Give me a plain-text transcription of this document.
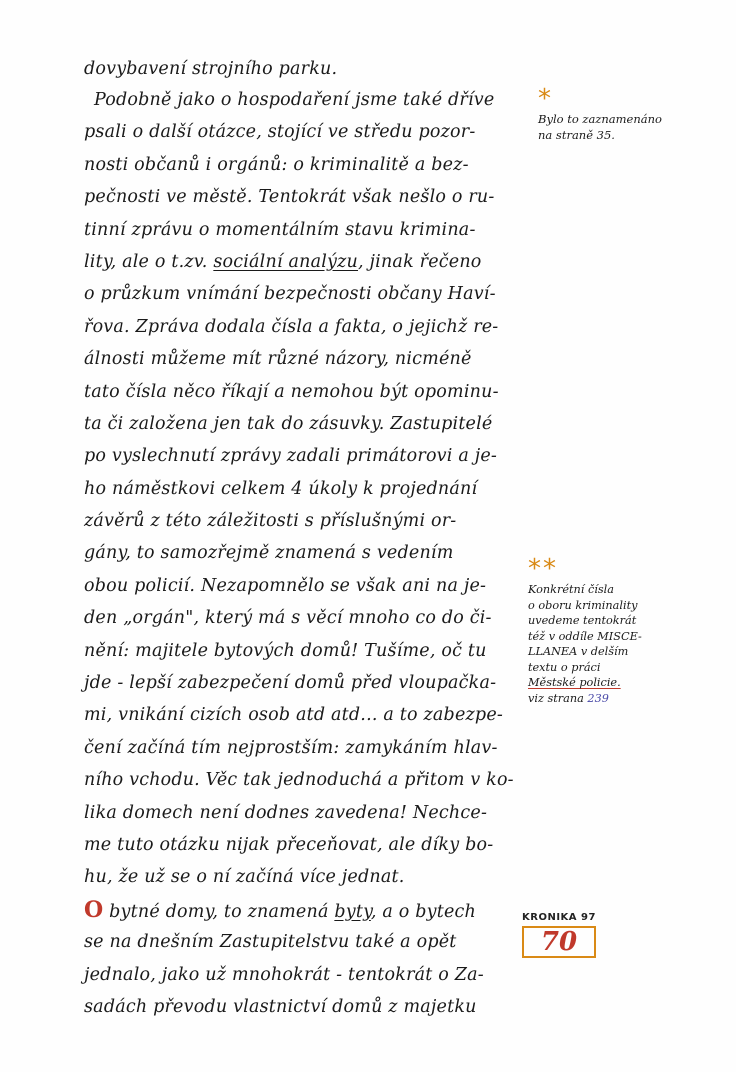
dovybavení strojního parku.
Podobně jako o hospodaření jsme také dříve
psali o další otázce, stojící ve středu pozor-
nosti občanů i orgánů: o kriminalitě a bez-
pečnosti ve městě. Tentokrát však nešlo o ru-
tinní zprávu o momentálním stavu krimina-
lity, ale o t.zv. sociální analýzu, jinak řečeno
o průzkum vnímání bezpečnosti občany Haví-
řova. Zpráva dodala čísla a fakta, o jejichž re-
álnosti můžeme mít různé názory, nicméně
tato čísla něco říkají a nemohou být opominu-
ta či založena jen tak do zásuvky. Zastupitelé
po vyslechnutí zprávy zadali primátorovi a je-
ho náměstkovi celkem 4 úkoly k projednání
závěrů z této záležitosti s příslušnými or-
gány, to samozřejmě znamená s vedením
obou policií. Nezapomnělo se však ani na je-
den „orgán", který má s věcí mnoho co do či-
nění: majitele bytových domů! Tušíme, oč tu
jde - lepší zabezpečení domů před vloupačka-
mi, vnikání cizích osob atd atd... a to zabezpe-
čení začíná tím nejprostším: zamykáním hlav-
ního vchodu. Věc tak jednoduchá a přitom v ko-
lika domech není dodnes zavedena! Nechce-
me tuto otázku nijak přeceňovat, ale díky bo-
hu, že už se o ní začíná více jednat.
O bytné domy, to znamená byty, a o bytech
se na dnešním Zastupitelstvu také a opět
jednalo, jako už mnohokrát - tentokrát o Za-
sadách převodu vlastnictví domů z majetku
*
Bylo to zaznamenáno
na straně 35.
**
Konkrétní čísla
o oboru kriminality
uvedeme tentokrát
též v oddíle MISCE-
LLANEA v delším
textu o práci
Městské policie.
viz strana 239
KRONIKA 97
70
